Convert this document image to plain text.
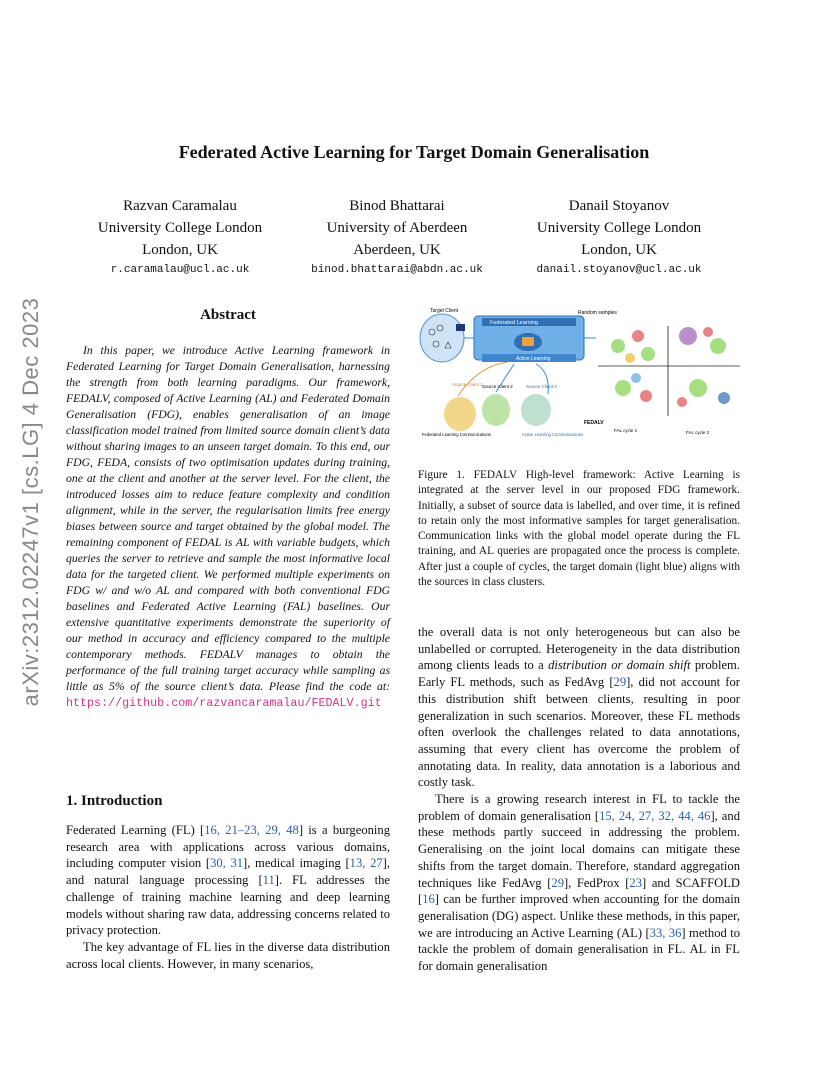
arXiv:2312.02247v1 [cs.LG] 4 Dec 2023
Federated Active Learning for Target Domain Generalisation
Razvan Caramalau
University College London
London, UK
r.caramalau@ucl.ac.uk
Binod Bhattarai
University of Aberdeen
Aberdeen, UK
binod.bhattarai@abdn.ac.uk
Danail Stoyanov
University College London
London, UK
danail.stoyanov@ucl.ac.uk
Abstract

In this paper, we introduce Active Learning framework in Federated Learning for Target Domain Generalisation, harnessing the strength from both learning paradigms. Our framework, FEDALV, composed of Active Learning (AL) and Federated Domain Generalisation (FDG), enables generalisation of an image classification model trained from limited source domain client’s data without sharing images to an unseen target domain. To this end, our FDG, FEDA, consists of two optimisation updates during training, one at the client and another at the server level. For the client, the introduced losses aim to reduce feature complexity and condition alignment, while in the server, the regularisation limits free energy biases between source and target obtained by the global model. The remaining component of FEDAL is AL with variable budgets, which queries the server to retrieve and sample the most informative local data for the targeted client. We performed multiple experiments on FDG w/ and w/o AL and compared with both conventional FDG baselines and Federated Active Learning (FAL) baselines. Our extensive quantitative experiments demonstrate the superiority of our method in accuracy and efficiency compared to the multiple contemporary methods. FEDALV manages to obtain the performance of the full training target accuracy while sampling as little as 5% of the source client’s data. Please find the code at: https://github.com/razvancaramalau/FEDALV.git

1. Introduction

Federated Learning (FL) [16, 21–23, 29, 48] is a burgeoning research area with applications across various domains, including computer vision [30, 31], medical imaging [13, 27], and natural language processing [11]. FL addresses the challenge of training machine learning and deep learning models without sharing raw data, addressing concerns related to privacy protection.

The key advantage of FL lies in the diverse data distribution across local clients. However, in many scenarios,

Target Client
Federated Learning
Active Learning
Source Client 1 Source Client 2	Source Client 3
Federated Learning Communications	Active Learning Communications
Random samples
FEDALV
FAL cycle 1	FAL cycle 2
Figure 1. FEDALV High-level framework: Active Learning is integrated at the server level in our proposed FDG framework. Initially, a subset of source data is labelled, and over time, it is refined to retain only the most informative samples for target generalisation. Communication links with the global model operate during the FL training, and AL queries are propagated once the process is complete. After just a couple of cycles, the target domain (light blue) aligns with the sources in class clusters.

the overall data is not only heterogeneous but can also be unlabelled or corrupted. Heterogeneity in the data distribution among clients leads to a distribution or domain shift problem. Early FL methods, such as FedAvg [29], did not account for this distribution shift between clients, resulting in poor generalization in such scenarios. Moreover, these FL methods often overlook the challenges related to data annotations, assuming that every client has overcome the problem of annotating data. In reality, data annotation is a laborious and costly task.

There is a growing research interest in FL to tackle the problem of domain generalisation [15, 24, 27, 32, 44, 46], and these methods partly succeed in addressing the problem. Generalising on the joint local domains can mitigate these shifts from the target domain. Therefore, standard aggregation techniques like FedAvg [29], FedProx [23] and SCAFFOLD [16] can be further improved when accounting for the domain generalisation (DG) aspect. Unlike these methods, in this paper, we are introducing an Active Learning (AL) [33, 36] method to tackle the problem of domain generalisation in FL. AL in FL for domain generalisation
